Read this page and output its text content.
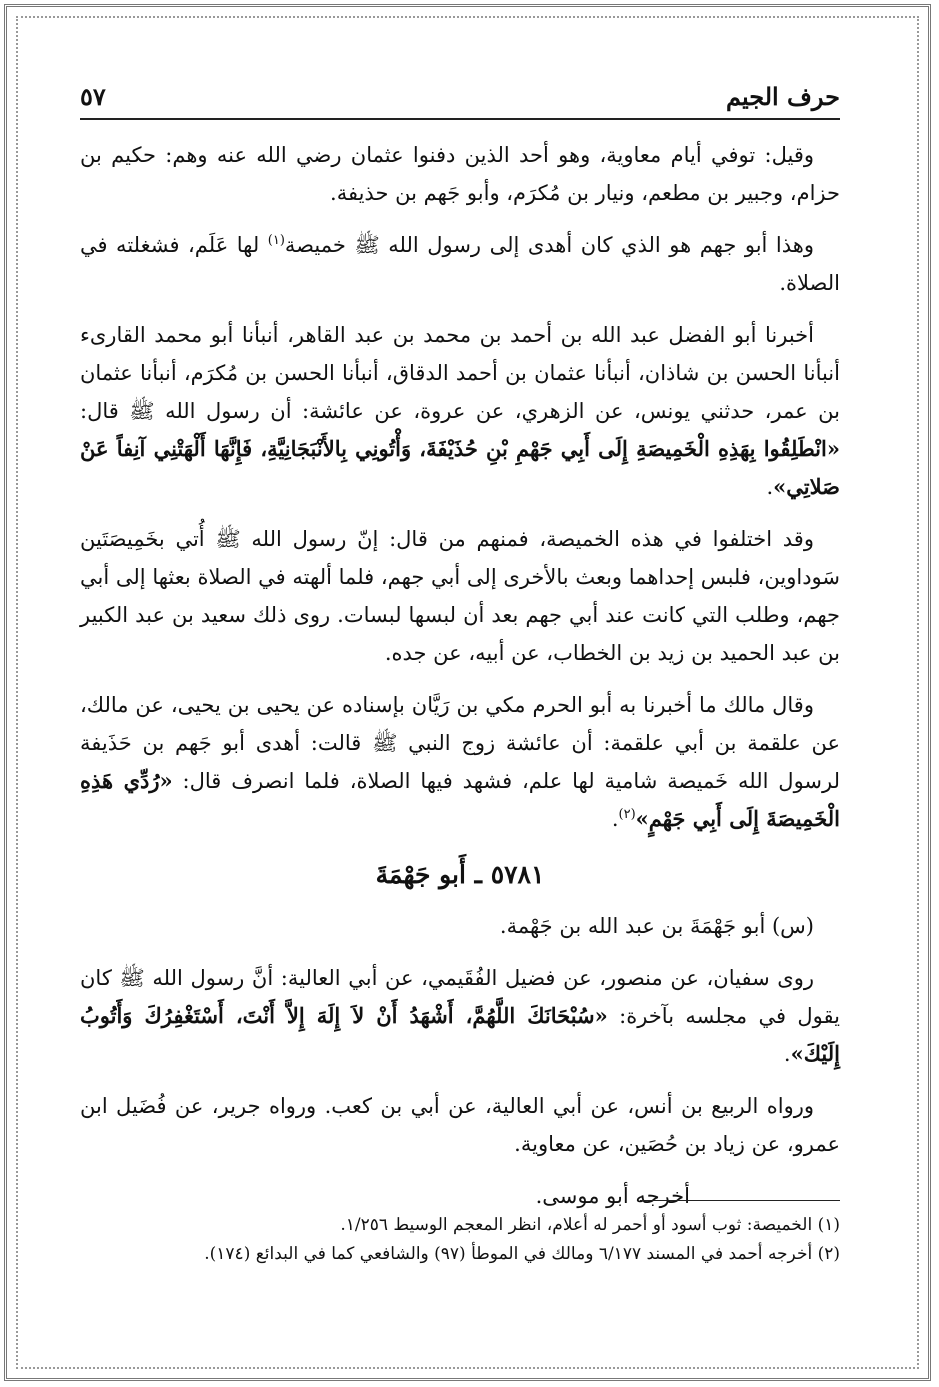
حرف الجيم
٥٧

وقيل: توفي أيام معاوية، وهو أحد الذين دفنوا عثمان رضي الله عنه وهم: حكيم بن حزام، وجبير بن مطعم، ونيار بن مُكرَم، وأبو جَهم بن حذيفة.

وهذا أبو جهم هو الذي كان أهدى إلى رسول الله ﷺ خميصة$^{(١)}$ لها عَلَم، فشغلته في الصلاة.

أخبرنا أبو الفضل عبد الله بن أحمد بن محمد بن عبد القاهر، أنبأنا أبو محمد القارىء أنبأنا الحسن بن شاذان، أنبأنا عثمان بن أحمد الدقاق، أنبأنا الحسن بن مُكرَم، أنبأنا عثمان بن عمر، حدثني يونس، عن الزهري، عن عروة، عن عائشة: أن رسول الله ﷺ قال: «انْطَلِقُوا بِهَذِهِ الْخَمِيصَةِ إِلَى أَبِي جَهْمِ بْنِ حُذَيْفَةَ، وَأْتُونِي بِالأَنْبَجَانِيَّةِ، فَإِنَّهَا أَلْهَتْنِي آنِفاً عَنْ صَلاتِي».

وقد اختلفوا في هذه الخميصة، فمنهم من قال: إنّ رسول الله ﷺ أُتي بخَمِيصَتَين سَوداوين، فلبس إحداهما وبعث بالأخرى إلى أبي جهم، فلما ألهته في الصلاة بعثها إلى أبي جهم، وطلب التي كانت عند أبي جهم بعد أن لبسها لبسات. روى ذلك سعيد بن عبد الكبير بن عبد الحميد بن زيد بن الخطاب، عن أبيه، عن جده.

وقال مالك ما أخبرنا به أبو الحرم مكي بن رَيَّان بإسناده عن يحيى بن يحيى، عن مالك، عن علقمة بن أبي علقمة: أن عائشة زوج النبي ﷺ قالت: أهدى أبو جَهم بن حَذَيفة لرسول الله خَميصة شامية لها علم، فشهد فيها الصلاة، فلما انصرف قال: «رُدِّي هَذِهِ الْخَمِيصَةَ إِلَى أَبِي جَهْمٍ»$^{(٢)}$.

٥٧٨١ ـ أَبو جَهْمَةَ

(س) أبو جَهْمَةَ بن عبد الله بن جَهْمة.

روى سفيان، عن منصور، عن فضيل الفُقَيمي، عن أبي العالية: أنَّ رسول الله ﷺ كان يقول في مجلسه بآخرة: «سُبْحَانَكَ اللَّهُمَّ، أَشْهَدُ أَنْ لاَ إِلَهَ إِلاَّ أَنْتَ، أَسْتَغْفِرُكَ وَأَتُوبُ إِلَيْكَ».

ورواه الربيع بن أنس، عن أبي العالية، عن أبي بن كعب. ورواه جرير، عن فُضَيل ابن عمرو، عن زياد بن حُصَين، عن معاوية.

أخرجه أبو موسى.

(١) الخميصة: ثوب أسود أو أحمر له أعلام، انظر المعجم الوسيط ١/٢٥٦.

(٢) أخرجه أحمد في المسند ٦/١٧٧ ومالك في الموطأ (٩٧) والشافعي كما في البدائع (١٧٤).
